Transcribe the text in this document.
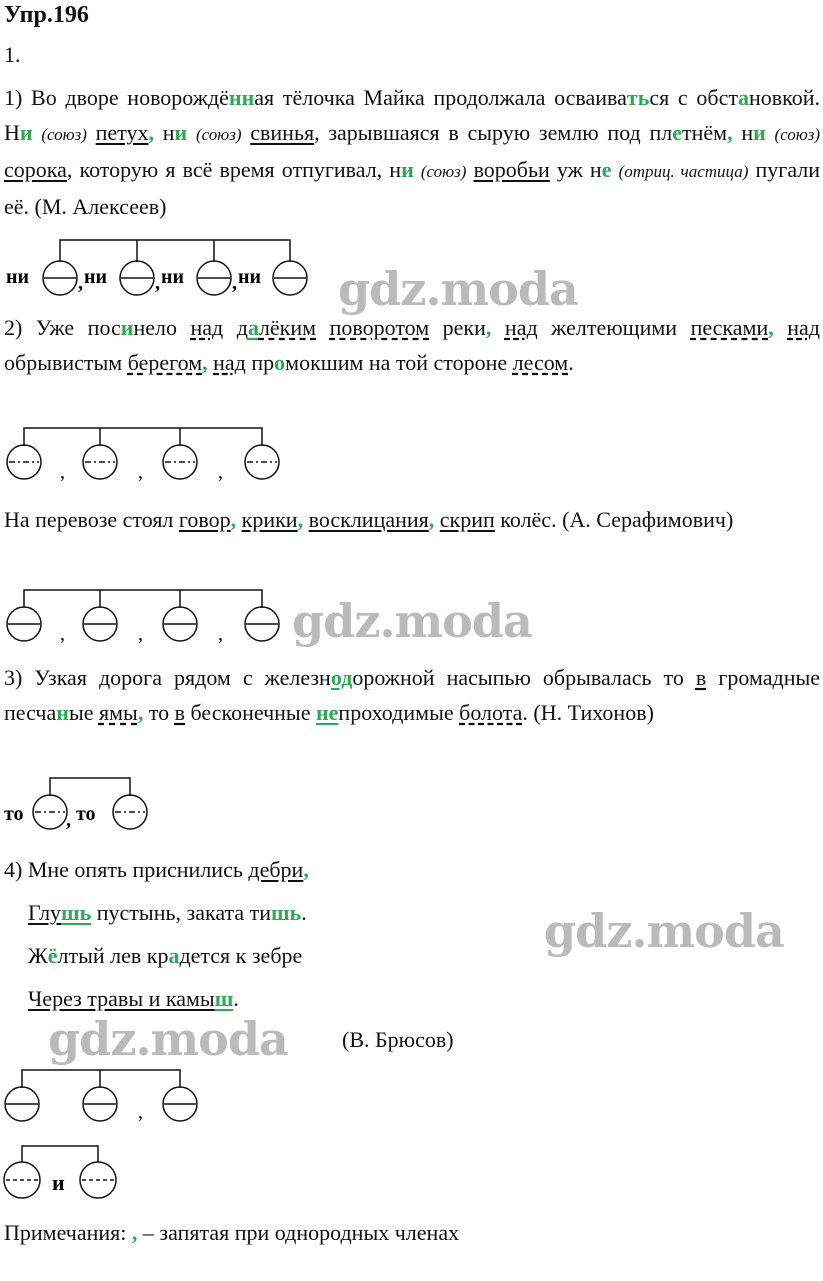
Упр.196
1.
1) Во дворе новорождённая тёлочка Майка продолжала осваиваться с обстановкой. Ни (союз) петух, ни (союз) свинья, зарывшаяся в сырую землю под плетнём, ни (союз) сорока, которую я всё время отпугивал, ни (союз) воробьи уж не (отриц. частица) пугали её. (М. Алексеев)
ни , ни , ни , ни gdz.moda
2) Уже посинело над далёким поворотом реки, над желтеющими песками, над обрывистым берегом, над промокшим на той стороне лесом.
,	,	,
На перевозе стоял говор, крики, восклицания, скрип колёс. (А. Серафимович)
,	,	, gdz.moda
3) Узкая дорога рядом с железнодорожной насыпью обрывалась то в громадные песчаные ямы, то в бесконечные непроходимые болота. (Н. Тихонов)
то , то
4) Мне опять приснились дебри,
Глушь пустынь, заката тишь.
Жёлтый лев крадется к зебре
Через травы и камыш.
gdz.moda
gdz.moda (В. Брюсов)
,
и
Примечания: , – запятая при однородных членах
